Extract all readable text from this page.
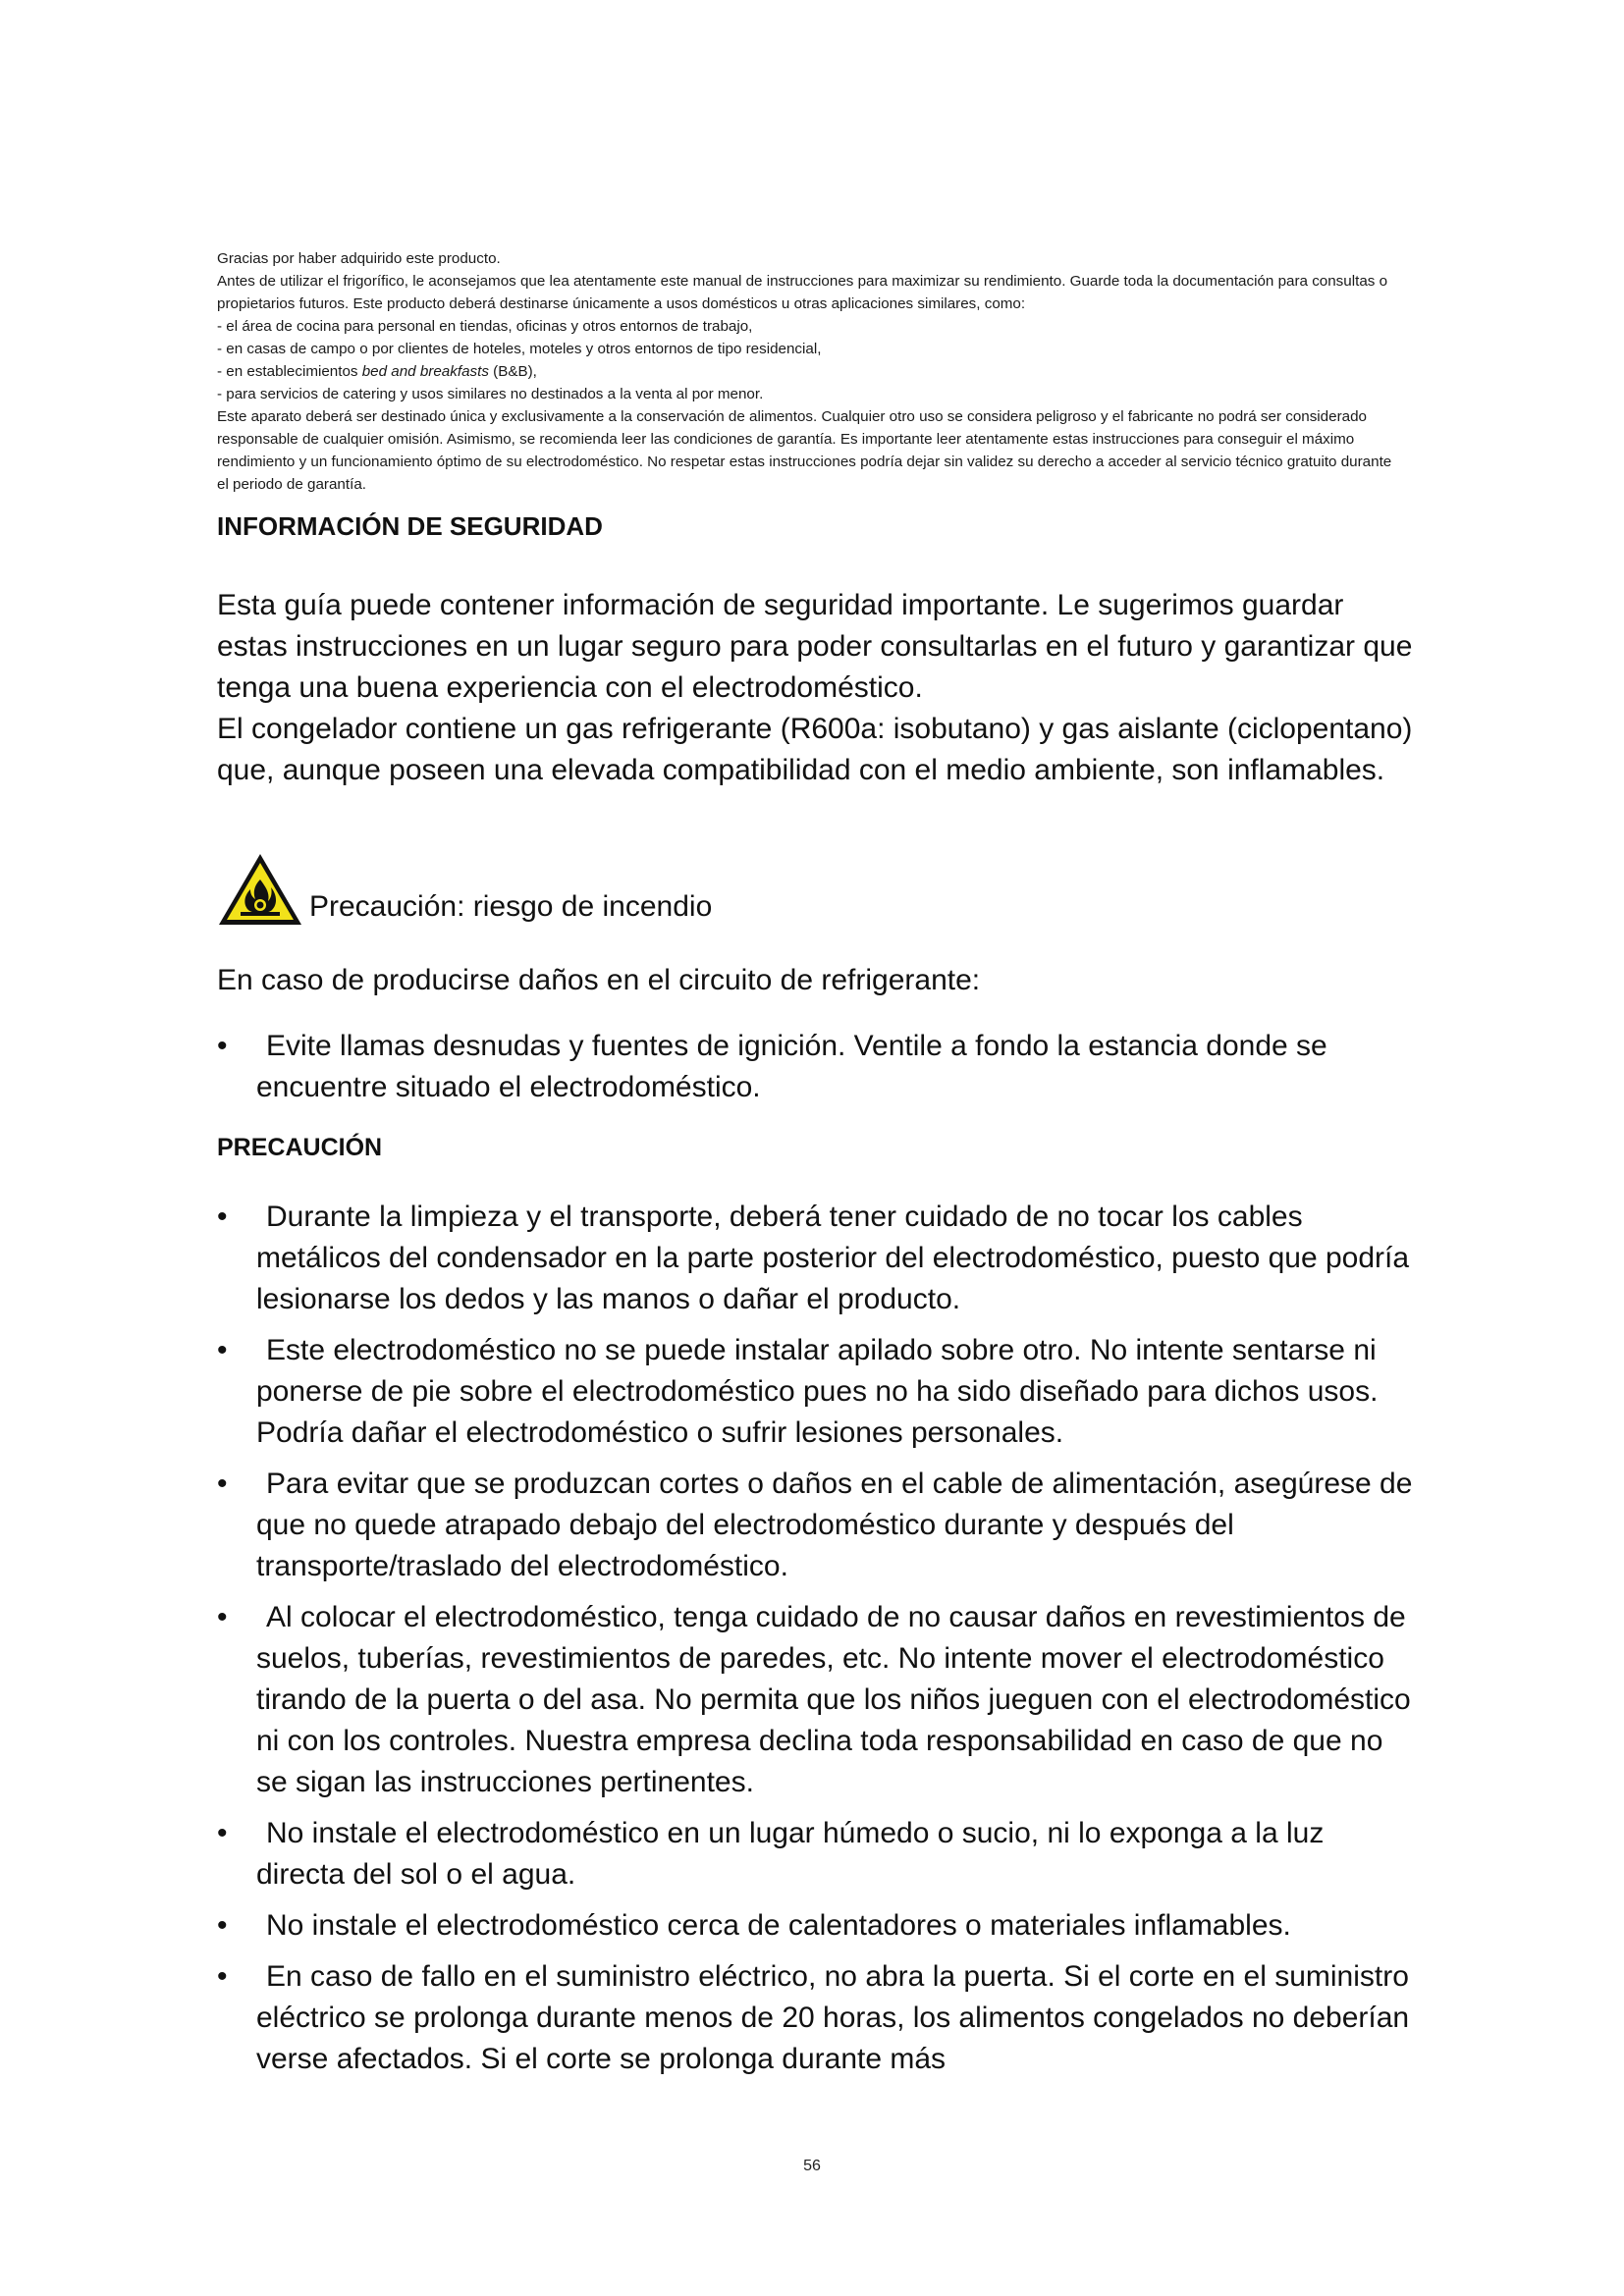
Gracias por haber adquirido este producto.

Antes de utilizar el frigorífico, le aconsejamos que lea atentamente este manual de instrucciones para maximizar su rendimiento. Guarde toda la documentación para consultas o propietarios futuros. Este producto deberá destinarse únicamente a usos domésticos u otras aplicaciones similares, como:

- el área de cocina para personal en tiendas, oficinas y otros entornos de trabajo,

- en casas de campo o por clientes de hoteles, moteles y otros entornos de tipo residencial,

- en establecimientos bed and breakfasts (B&B),

- para servicios de catering y usos similares no destinados a la venta al por menor.

Este aparato deberá ser destinado única y exclusivamente a la conservación de alimentos. Cualquier otro uso se considera peligroso y el fabricante no podrá ser considerado responsable de cualquier omisión. Asimismo, se recomienda leer las condiciones de garantía. Es importante leer atentamente estas instrucciones para conseguir el máximo rendimiento y un funcionamiento óptimo de su electrodoméstico. No respetar estas instrucciones podría dejar sin validez su derecho a acceder al servicio técnico gratuito durante el periodo de garantía.

INFORMACIÓN DE SEGURIDAD

Esta guía puede contener información de seguridad importante. Le sugerimos guardar estas instrucciones en un lugar seguro para poder consultarlas en el futuro y garantizar que tenga una buena experiencia con el electrodoméstico.

El congelador contiene un gas refrigerante (R600a: isobutano) y gas aislante (ciclopentano) que, aunque poseen una elevada compatibilidad con el medio ambiente, son inflamables.

Precaución: riesgo de incendio
En caso de producirse daños en el circuito de refrigerante:
•	Evite llamas desnudas y fuentes de ignición. Ventile a fondo la estancia donde se encuentre situado el electrodoméstico.
PRECAUCIÓN
•	Durante la limpieza y el transporte, deberá tener cuidado de no tocar los cables metálicos del condensador en la parte posterior del electrodoméstico, puesto que podría lesionarse los dedos y las manos o dañar el producto.
•	Este electrodoméstico no se puede instalar apilado sobre otro. No intente sentarse ni ponerse de pie sobre el electrodoméstico pues no ha sido diseñado para dichos usos. Podría dañar el electrodoméstico o sufrir lesiones personales.
•	Para evitar que se produzcan cortes o daños en el cable de alimentación, asegúrese de que no quede atrapado debajo del electrodoméstico durante y después del transporte/traslado del electrodoméstico.
•	Al colocar el electrodoméstico, tenga cuidado de no causar daños en revestimientos de suelos, tuberías, revestimientos de paredes, etc. No intente mover el electrodoméstico tirando de la puerta o del asa. No permita que los niños jueguen con el electrodoméstico ni con los controles. Nuestra empresa declina toda responsabilidad en caso de que no se sigan las instrucciones pertinentes.
•	No instale el electrodoméstico en un lugar húmedo o sucio, ni lo exponga a la luz directa del sol o el agua.
•	No instale el electrodoméstico cerca de calentadores o materiales inflamables.
•	En caso de fallo en el suministro eléctrico, no abra la puerta. Si el corte en el suministro eléctrico se prolonga durante menos de 20 horas, los alimentos congelados no deberían verse afectados. Si el corte se prolonga durante más
56
